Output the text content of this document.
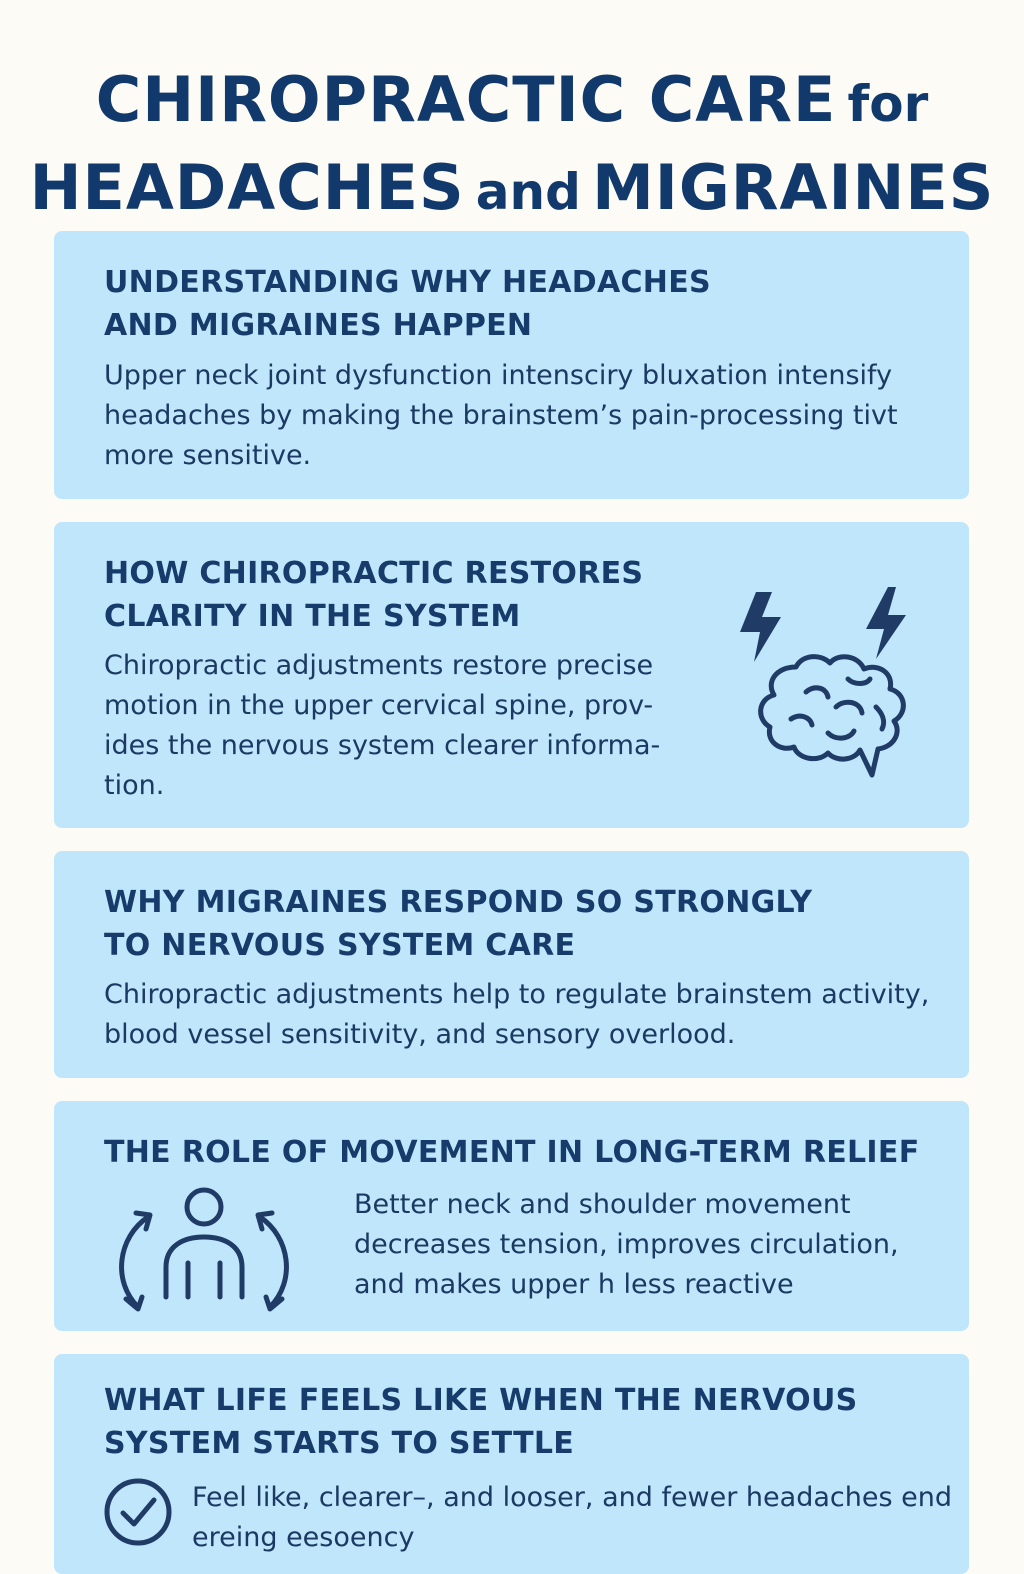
CHIROPRACTIC CARE for
HEADACHES and MIGRAINES
UNDERSTANDING WHY HEADACHES
AND MIGRAINES HAPPEN

Upper neck joint dysfunction intensciry bluxation intensify headaches by making the brainstem’s pain-processing tivt more sensitive.

HOW CHIROPRACTIC RESTORES
CLARITY IN THE SYSTEM

Chiropractic adjustments restore precise motion in the upper cervical spine, prov-ides the nervous system clearer informa-tion.

WHY MIGRAINES RESPOND SO STRONGLY
TO NERVOUS SYSTEM CARE

Chiropractic adjustments help to regulate brainstem activity, blood vessel sensitivity, and sensory overlood.

THE ROLE OF MOVEMENT IN LONG-TERM RELIEF

Better neck and shoulder movement decreases tension, improves circulation, and makes upper h less reactive

WHAT LIFE FEELS LIKE WHEN THE NERVOUS
SYSTEM STARTS TO SETTLE

Feel like, clearer–, and looser, and fewer headaches end ereing eesoency
